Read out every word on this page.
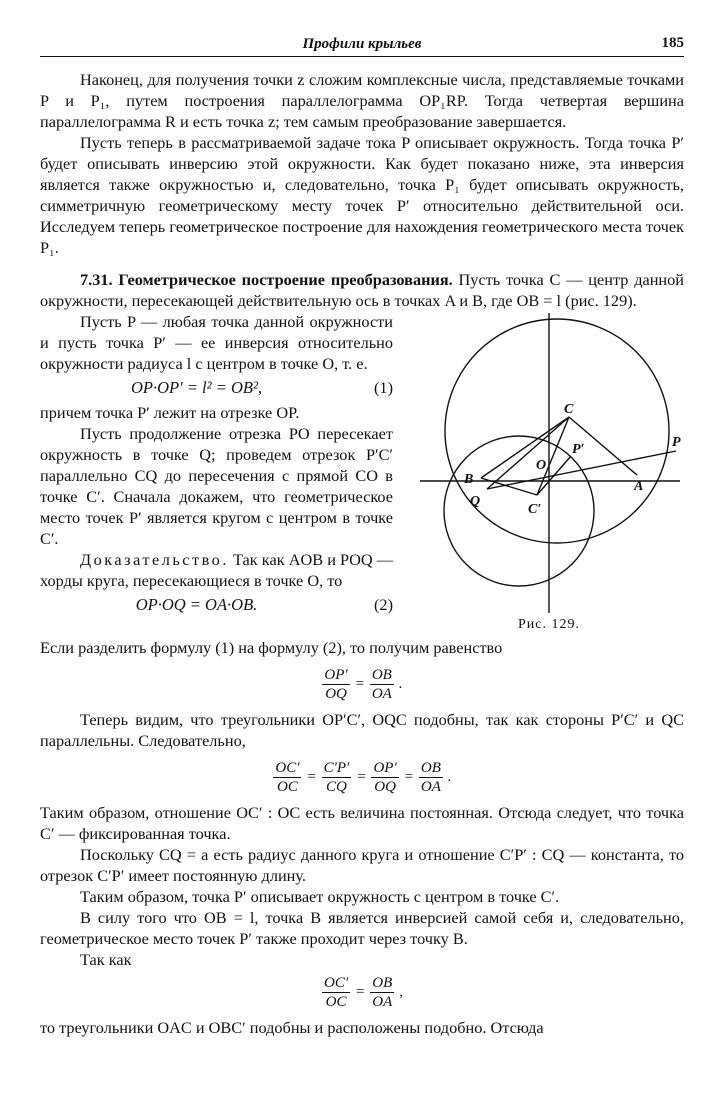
Профили крыльев	185

Наконец, для получения точки z сложим комплексные числа, представляемые точками P и P₁, путем построения параллелограмма OP₁RP. Тогда четвертая вершина параллелограмма R и есть точка z; тем самым преобразование завершается.

Пусть теперь в рассматриваемой задаче тока P описывает окружность. Тогда точка P′ будет описывать инверсию этой окружности. Как будет показано ниже, эта инверсия является также окружностью и, следовательно, точка P₁ будет описывать окружность, симметричную геометрическому месту точек P′ относительно действительной оси. Исследуем теперь геометрическое построение для нахождения геометрического места точек P₁.

7.31. Геометрическое построение преобразования. Пусть точка C — центр данной окружности, пересекающей действительную ось в точках A и B, где OB = l (рис. 129).

Пусть P — любая точка данной окружности и пусть точка P′ — ее инверсия относительно окружности радиуса l с центром в точке O, т. е.

OP·OP′ = l² = OB²,	(1)

причем точка P′ лежит на отрезке OP.

Пусть продолжение отрезка PO пересекает окружность в точке Q; проведем отрезок P′C′ параллельно CQ до пересечения с прямой CO в точке C′. Сначала докажем, что геометрическое место точек P′ является кругом с центром в точке C′.

Доказательство. Так как AOB и POQ — хорды круга, пересекающиеся в точке O, то

OP·OQ = OA·OB.	(2)
C
P
P′
O
B
Q
A
C′
Рис. 129.

Если разделить формулу (1) на формулу (2), то получим равенство

$\frac{OP'}{OQ} = \frac{OB}{OA}$ .

Теперь видим, что треугольники OP′C′, OQC подобны, так как стороны P′C′ и QC параллельны. Следовательно,

$\frac{OC'}{OC} = \frac{C'P'}{CQ} = \frac{OP'}{OQ} = \frac{OB}{OA}$ .

Таким образом, отношение OC′ : OC есть величина постоянная. Отсюда следует, что точка C′ — фиксированная точка.

Поскольку CQ = a есть радиус данного круга и отношение C′P′ : CQ — константа, то отрезок C′P′ имеет постоянную длину.

Таким образом, точка P′ описывает окружность с центром в точке C′.

В силу того что OB = l, точка B является инверсией самой себя и, следовательно, геометрическое место точек P′ также проходит через точку B.

Так как

$\frac{OC'}{OC} = \frac{OB}{OA}$ ,

то треугольники OAC и OBC′ подобны и расположены подобно. Отсюда
